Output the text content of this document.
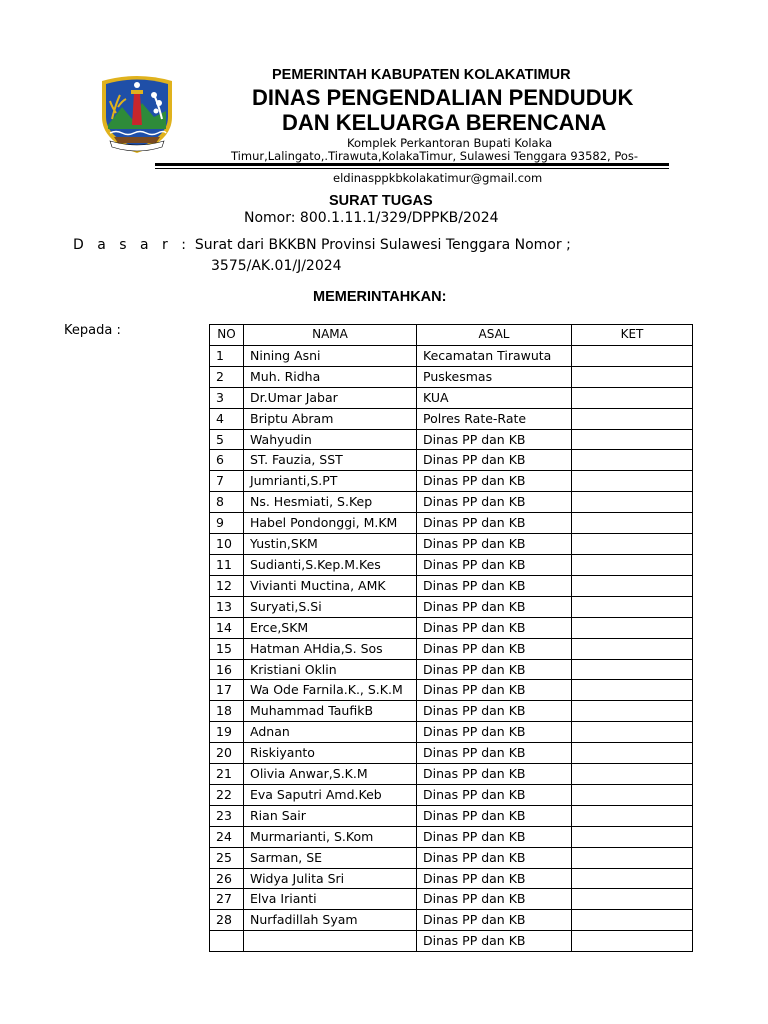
PEMERINTAH KABUPATEN KOLAKATIMUR
DINAS PENGENDALIAN PENDUDUK
DAN KELUARGA BERENCANA
Komplek Perkantoran Bupati Kolaka
Timur,Lalingato,.Tirawuta,KolakaTimur, Sulawesi Tenggara 93582, Pos-
eldinasppkbkolakatimur@gmail.com
SURAT TUGAS
Nomor: 800.1.11.1/329/DPPKB/2024
D a s a r : Surat dari BKKBN Provinsi Sulawesi Tenggara Nomor ;
3575/AK.01/J/2024
MEMERINTAHKAN:
Kepada :	NO	NAMA	ASAL	KET
1	Nining Asni	Kecamatan Tirawuta	
2	Muh. Ridha	Puskesmas	
3	Dr.Umar Jabar	KUA	
4	Briptu Abram	Polres Rate-Rate	
5	Wahyudin	Dinas PP dan KB	
6	ST. Fauzia, SST	Dinas PP dan KB	
7	Jumrianti,S.PT	Dinas PP dan KB	
8	Ns. Hesmiati, S.Kep	Dinas PP dan KB	
9	Habel Pondonggi, M.KM	Dinas PP dan KB	
10	Yustin,SKM	Dinas PP dan KB	
11	Sudianti,S.Kep.M.Kes	Dinas PP dan KB	
12	Vivianti Muctina, AMK	Dinas PP dan KB	
13	Suryati,S.Si	Dinas PP dan KB	
14	Erce,SKM	Dinas PP dan KB	
15	Hatman AHdia,S. Sos	Dinas PP dan KB	
16	Kristiani Oklin	Dinas PP dan KB	
17	Wa Ode Farnila.K., S.K.M	Dinas PP dan KB	
18	Muhammad TaufikB	Dinas PP dan KB	
19	Adnan	Dinas PP dan KB	
20	Riskiyanto	Dinas PP dan KB	
21	Olivia Anwar,S.K.M	Dinas PP dan KB	
22	Eva Saputri Amd.Keb	Dinas PP dan KB	
23	Rian Sair	Dinas PP dan KB	
24	Murmarianti, S.Kom	Dinas PP dan KB	
25	Sarman, SE	Dinas PP dan KB	
26	Widya Julita Sri	Dinas PP dan KB	
27	Elva Irianti	Dinas PP dan KB	
28	Nurfadillah Syam	Dinas PP dan KB	
		Dinas PP dan KB	
